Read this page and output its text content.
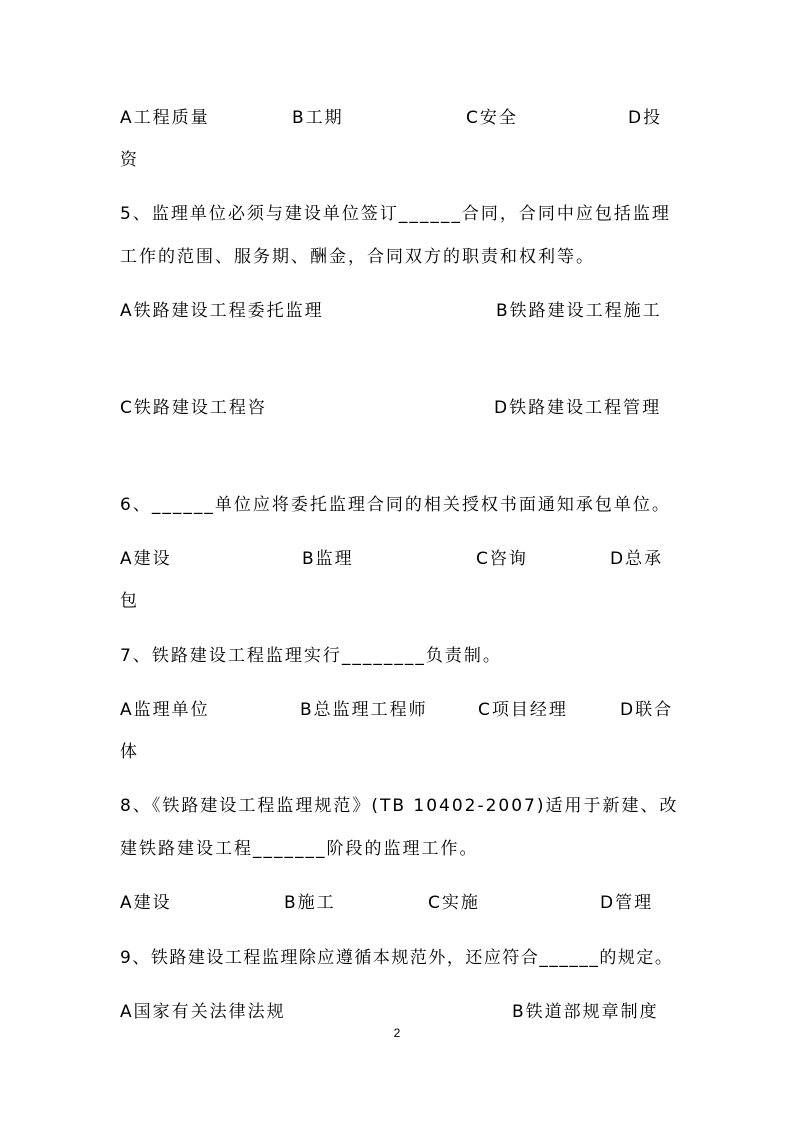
A工程质量	B工期	C安全	D投
资
5、监理单位必须与建设单位签订______合同，合同中应包括监理
工作的范围、服务期、酬金，合同双方的职责和权利等。
A铁路建设工程委托监理	B铁路建设工程施工
C铁路建设工程咨	D铁路建设工程管理
6、______单位应将委托监理合同的相关授权书面通知承包单位。
A建设	B监理	C咨询	D总承
包
7、铁路建设工程监理实行________负责制。
A监理单位	B总监理工程师	C项目经理	D联合
体
8、《铁路建设工程监理规范》(TB 10402-2007)适用于新建、改
建铁路建设工程_______阶段的监理工作。
A建设	B施工	C实施	D管理
9、铁路建设工程监理除应遵循本规范外，还应符合______的规定。
A国家有关法律法规	B铁道部规章制度
2
